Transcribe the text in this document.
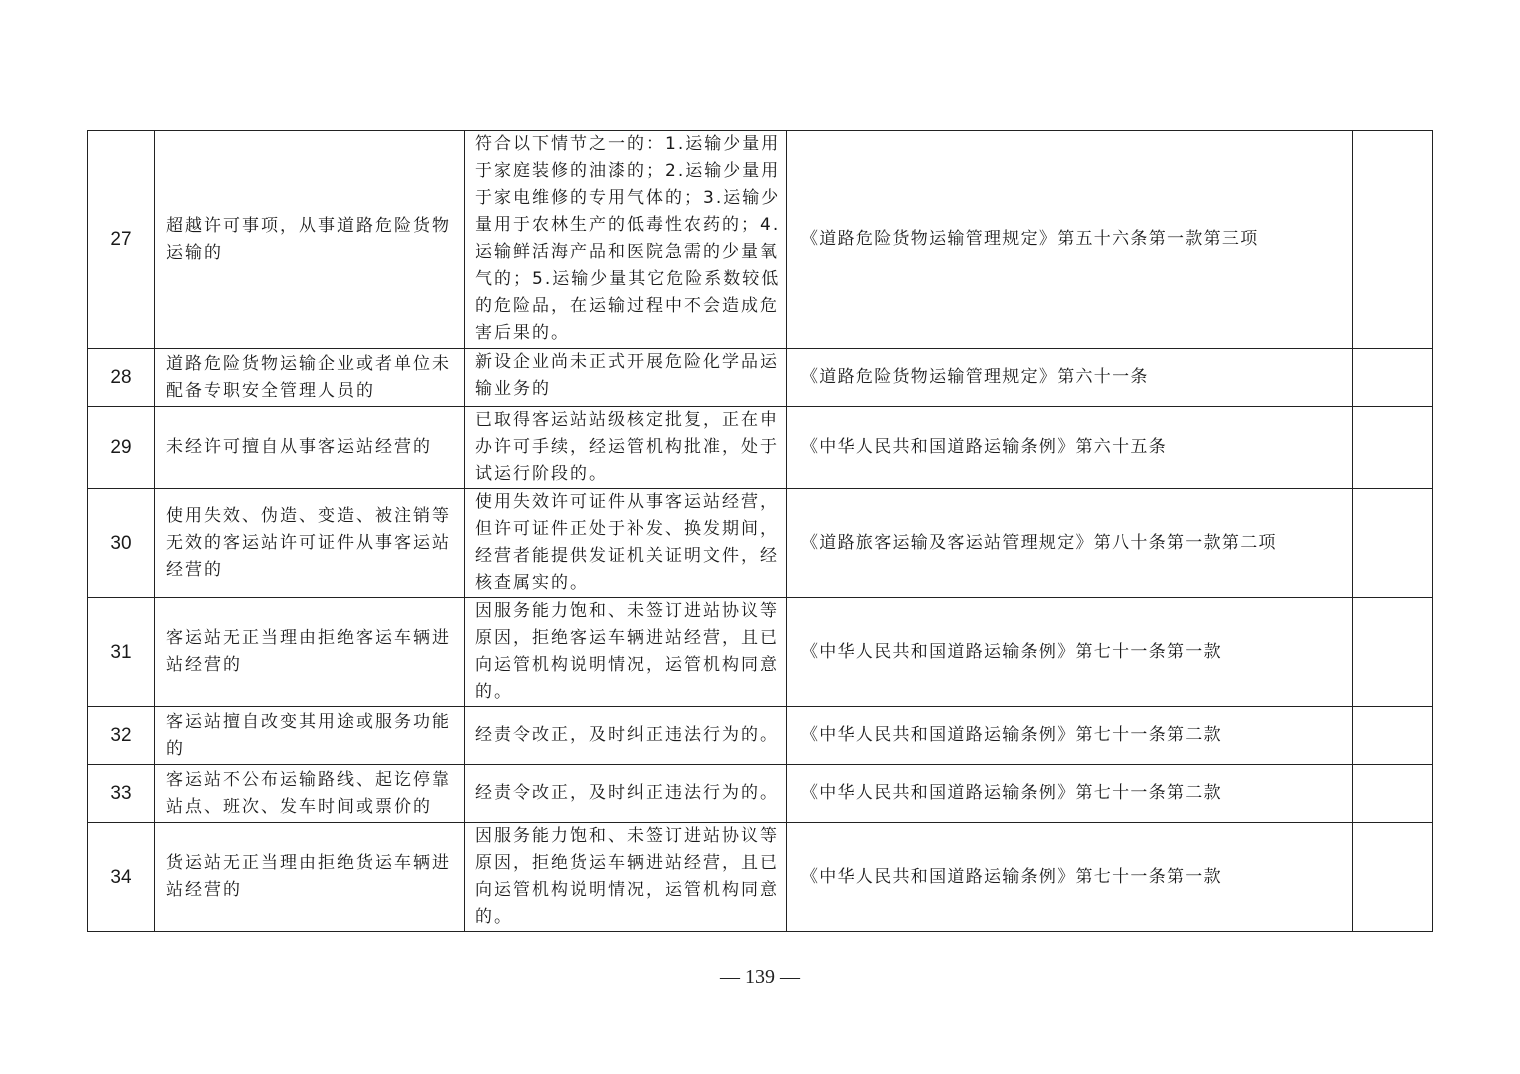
27	超越许可事项，从事道路危险货物运输的	符合以下情节之一的：1.运输少量用于家庭装修的油漆的；2.运输少量用于家电维修的专用气体的；3.运输少量用于农林生产的低毒性农药的；4.运输鲜活海产品和医院急需的少量氧气的；5.运输少量其它危险系数较低的危险品，在运输过程中不会造成危害后果的。	《道路危险货物运输管理规定》第五十六条第一款第三项	
28	道路危险货物运输企业或者单位未配备专职安全管理人员的	新设企业尚未正式开展危险化学品运输业务的	《道路危险货物运输管理规定》第六十一条	
29	未经许可擅自从事客运站经营的	已取得客运站站级核定批复，正在申办许可手续，经运管机构批准，处于试运行阶段的。	《中华人民共和国道路运输条例》第六十五条	
30	使用失效、伪造、变造、被注销等无效的客运站许可证件从事客运站经营的	使用失效许可证件从事客运站经营，但许可证件正处于补发、换发期间，经营者能提供发证机关证明文件，经核查属实的。	《道路旅客运输及客运站管理规定》第八十条第一款第二项	
31	客运站无正当理由拒绝客运车辆进站经营的	因服务能力饱和、未签订进站协议等原因，拒绝客运车辆进站经营，且已向运管机构说明情况，运管机构同意的。	《中华人民共和国道路运输条例》第七十一条第一款	
32	客运站擅自改变其用途或服务功能的	经责令改正，及时纠正违法行为的。	《中华人民共和国道路运输条例》第七十一条第二款	
33	客运站不公布运输路线、起讫停靠站点、班次、发车时间或票价的	经责令改正，及时纠正违法行为的。	《中华人民共和国道路运输条例》第七十一条第二款	
34	货运站无正当理由拒绝货运车辆进站经营的	因服务能力饱和、未签订进站协议等原因，拒绝货运车辆进站经营，且已向运管机构说明情况，运管机构同意的。	《中华人民共和国道路运输条例》第七十一条第一款	
— 139 —
